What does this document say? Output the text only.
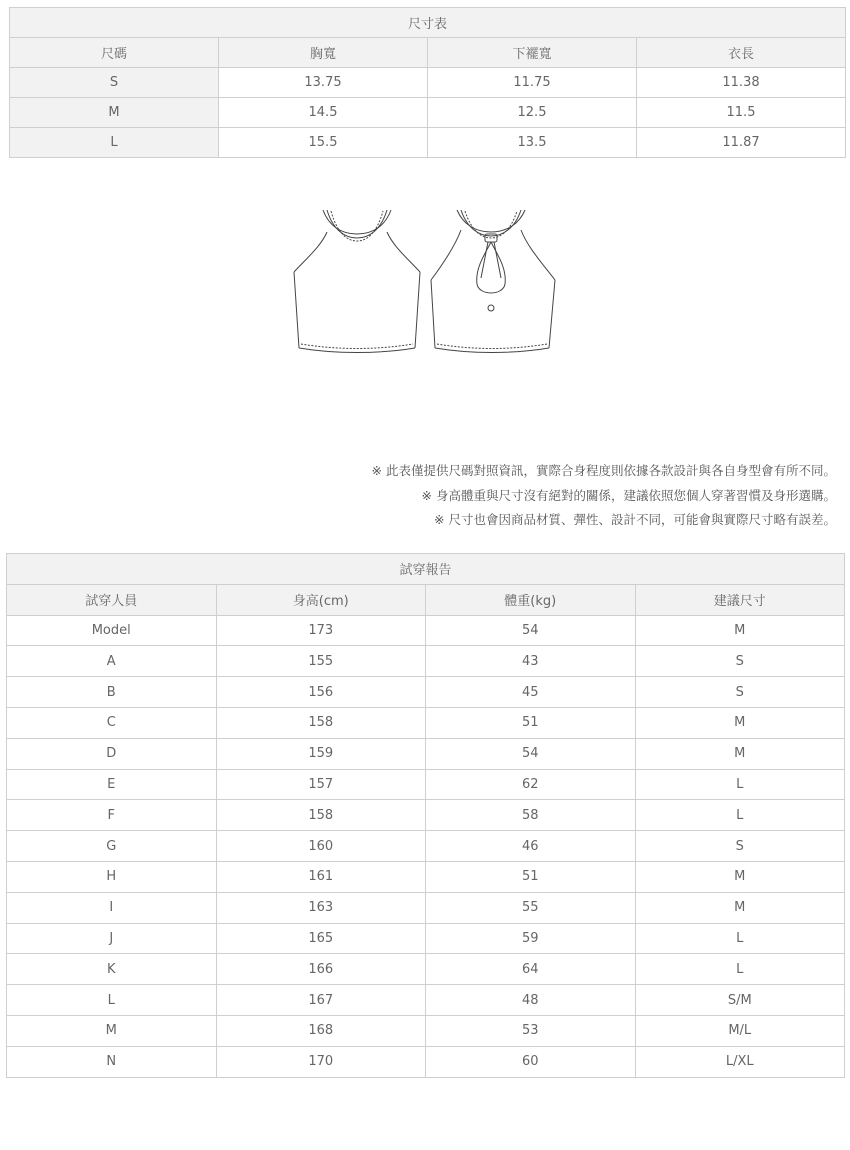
尺寸表			
尺碼	胸寬	下襬寬	衣長
S	13.75	11.75	11.38
M	14.5	12.5	11.5
L	15.5	13.5	11.87
※ 此表僅提供尺碼對照資訊，實際合身程度則依據各款設計與各自身型會有所不同。
※ 身高體重與尺寸沒有絕對的關係，建議依照您個人穿著習慣及身形選購。
※ 尺寸也會因商品材質、彈性、設計不同，可能會與實際尺寸略有誤差。
試穿報告			
試穿人員	身高(cm)	體重(kg)	建議尺寸
Model	173	54	M
A	155	43	S
B	156	45	S
C	158	51	M
D	159	54	M
E	157	62	L
F	158	58	L
G	160	46	S
H	161	51	M
I	163	55	M
J	165	59	L
K	166	64	L
L	167	48	S/M
M	168	53	M/L
N	170	60	L/XL
